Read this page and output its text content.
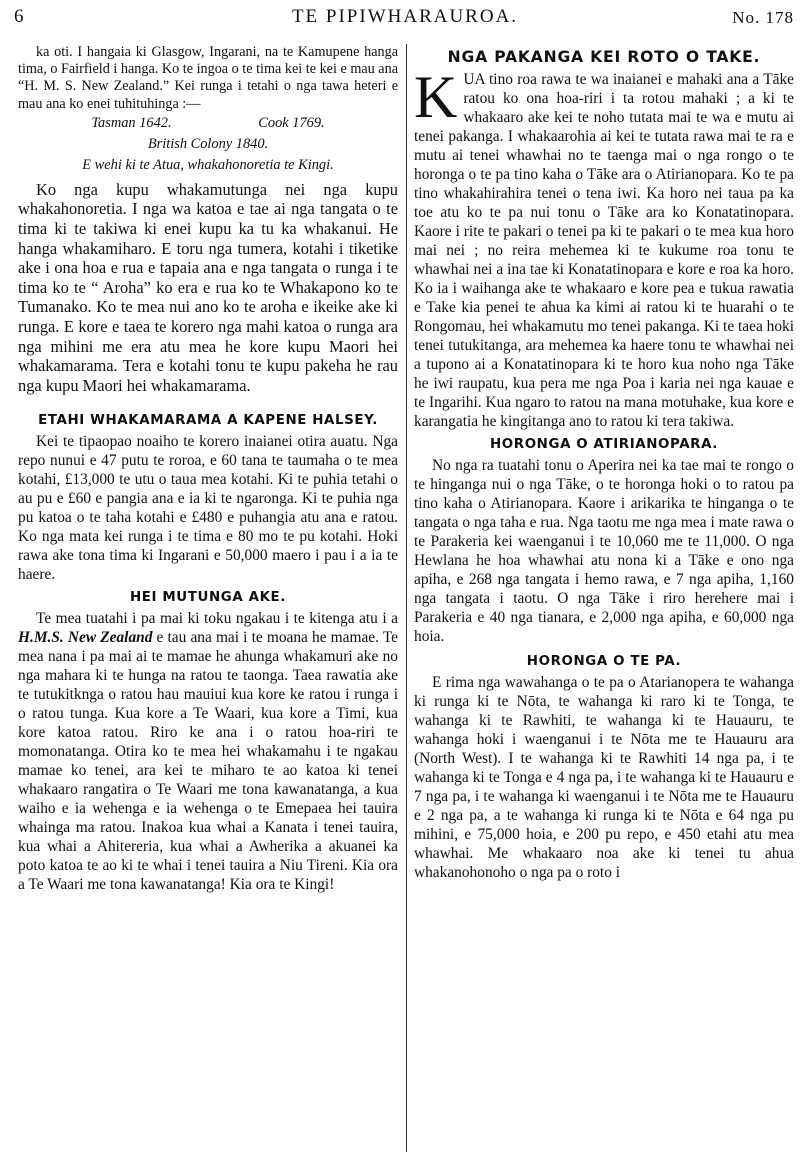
6	TE PIPIWHARAUROA.	No. 178

ka oti. I hangaia ki Glasgow, Ingarani, na te Kamupene hanga tima, o Fairfield i hanga. Ko te ingoa o te tima kei te kei e mau ana “H. M. S. New Zealand.” Kei runga i tetahi o nga tawa heteri e mau ana ko enei tuhituhinga :—

Tasman 1642.	Cook 1769.
British Colony 1840.
E wehi ki te Atua, whakahonoretia te Kingi.

Ko nga kupu whakamutunga nei nga kupu whakahonoretia. I nga wa katoa e tae ai nga tangata o te tima ki te takiwa ki enei kupu ka tu ka whakanui. He hanga whakamiharo. E toru nga tumera, kotahi i tiketike ake i ona hoa e rua e tapaia ana e nga tangata o runga i te tima ko te “ Aroha” ko era e rua ko te Whakapono ko te Tumanako. Ko te mea nui ano ko te aroha e ikeike ake ki runga. E kore e taea te korero nga mahi katoa o runga ara nga mihini me era atu mea he kore kupu Maori hei whakamarama. Tera e kotahi tonu te kupu pakeha he rau nga kupu Maori hei whakamarama.

ETAHI WHAKAMARAMA A KAPENE HALSEY.

Kei te tipaopao noaiho te korero inaianei otira auatu. Nga repo nunui e 47 putu te roroa, e 60 tana te taumaha o te mea kotahi, £13,000 te utu o taua mea kotahi. Ki te puhia tetahi o au pu e £60 e pangia ana e ia ki te ngaronga. Ki te puhia nga pu katoa o te taha kotahi e £480 e puhangia atu ana e ratou. Ko nga mata kei runga i te tima e 80 mo te pu kotahi. Hoki rawa ake tona tima ki Ingarani e 50,000 maero i pau i a ia te haere.

HEI MUTUNGA AKE.

Te mea tuatahi i pa mai ki toku ngakau i te kitenga atu i a H.M.S. New Zealand e tau ana mai i te moana he mamae. Te mea nana i pa mai ai te mamae he ahunga whakamuri ake no nga mahara ki te hunga na ratou te taonga. Taea rawatia ake te tutukitknga o ratou hau mauiui kua kore ke ratou i runga i o ratou tunga. Kua kore a Te Waari, kua kore a Timi, kua kore katoa ratou. Riro ke ana i o ratou hoa-riri te momonatanga. Otira ko te mea hei whakamahu i te ngakau mamae ko tenei, ara kei te miharo te ao katoa ki tenei whakaaro rangatira o Te Waari me tona kawanatanga, a kua waiho e ia wehenga e ia wehenga o te Emepaea hei tauira whainga ma ratou. Inakoa kua whai a Kanata i tenei tauira, kua whai a Ahitereria, kua whai a Awherika a akuanei ka poto katoa te ao ki te whai i tenei tauira a Niu Tireni. Kia ora a Te Waari me tona kawanatanga! Kia ora te Kingi!

NGA PAKANGA KEI ROTO O TAKE.

KUA tino roa rawa te wa inaianei e mahaki ana a Tāke ratou ko ona hoa-riri i ta rotou mahaki ; a ki te whakaaro ake kei te noho tutata mai te wa e mutu ai tenei pakanga. I whakaarohia ai kei te tutata rawa mai te ra e mutu ai tenei whawhai no te taenga mai o nga rongo o te horonga o te pa tino kaha o Tāke ara o Atirianopara. Ko te pa tino whakahirahira tenei o tena iwi. Ka horo nei taua pa ka toe atu ko te pa nui tonu o Tāke ara ko Konatatinopara. Kaore i rite te pakari o tenei pa ki te pakari o te mea kua horo mai nei ; no reira mehemea ki te kukume roa tonu te whawhai nei a ina tae ki Konatatinopara e kore e roa ka horo. Ko ia i waihanga ake te whakaaro e kore pea e tukua rawatia e Take kia penei te ahua ka kimi ai ratou ki te huarahi o te Rongomau, hei whakamutu mo tenei pakanga. Ki te taea hoki tenei tutukitanga, ara mehemea ka haere tonu te whawhai nei a tupono ai a Konatatinopara ki te horo kua noho nga Tāke he iwi raupatu, kua pera me nga Poa i karia nei nga kauae e te Ingarihi. Kua ngaro to ratou na mana motuhake, kua kore e karangatia he kingitanga ano to ratou ki tera takiwa.

HORONGA O ATIRIANOPARA.

No nga ra tuatahi tonu o Aperira nei ka tae mai te rongo o te hinganga nui o nga Tāke, o te horonga hoki o to ratou pa tino kaha o Atirianopara. Kaore i arikarika te hinganga o te tangata o nga taha e rua. Nga taotu me nga mea i mate rawa o te Parakeria kei waenganui i te 10,060 me te 11,000. O nga Hewlana he hoa whawhai atu nona ki a Tāke e ono nga apiha, e 268 nga tangata i hemo rawa, e 7 nga apiha, 1,160 nga tangata i taotu. O nga Tāke i riro herehere mai i Parakeria e 40 nga tianara, e 2,000 nga apiha, e 60,000 nga hoia.

HORONGA O TE PA.

E rima nga wawahanga o te pa o Atarianopera te wahanga ki runga ki te Nōta, te wahanga ki raro ki te Tonga, te wahanga ki te Rawhiti, te wahanga ki te Hauauru, te wahanga hoki i waenganui i te Nōta me te Hauauru ara (North West). I te wahanga ki te Rawhiti 14 nga pa, i te wahanga ki te Tonga e 4 nga pa, i te wahanga ki te Hauauru e 7 nga pa, i te wahanga ki waenganui i te Nōta me te Hauauru e 2 nga pa, a te wahanga ki runga ki te Nōta e 64 nga pu mihini, e 75,000 hoia, e 200 pu repo, e 450 etahi atu mea whawhai. Me whakaaro noa ake ki tenei tu ahua whakanohonoho o nga pa o roto i
